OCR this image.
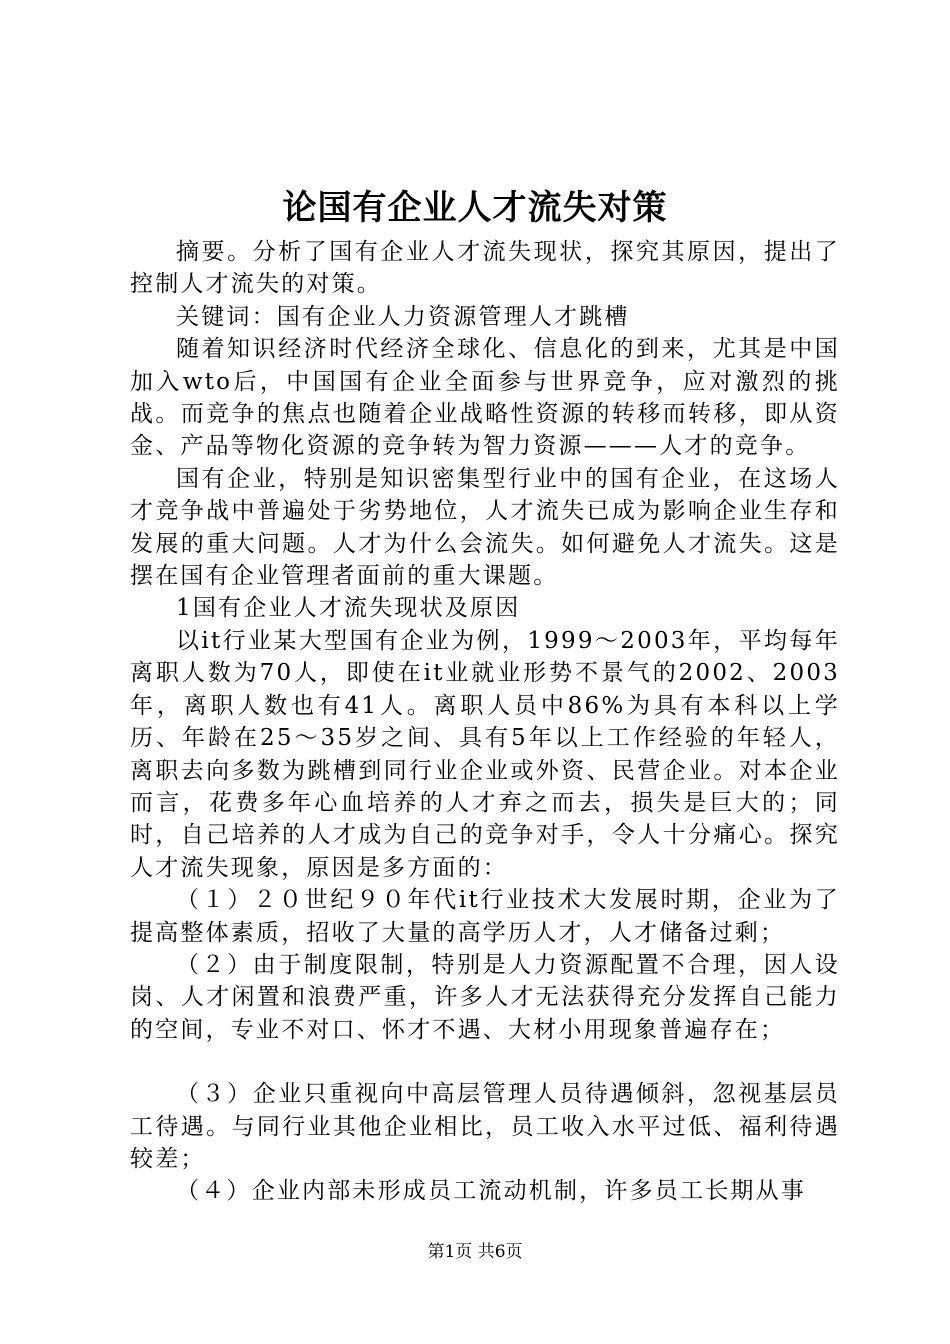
论国有企业人才流失对策

摘要。分析了国有企业人才流失现状，探究其原因，提出了控制人才流失的对策。

关键词：国有企业人力资源管理人才跳槽

随着知识经济时代经济全球化、信息化的到来，尤其是中国加入wto后，中国国有企业全面参与世界竞争，应对激烈的挑战。而竞争的焦点也随着企业战略性资源的转移而转移，即从资金、产品等物化资源的竞争转为智力资源———人才的竞争。

国有企业，特别是知识密集型行业中的国有企业，在这场人才竞争战中普遍处于劣势地位，人才流失已成为影响企业生存和发展的重大问题。人才为什么会流失。如何避免人才流失。这是摆在国有企业管理者面前的重大课题。

1国有企业人才流失现状及原因

以it行业某大型国有企业为例，1999～2003年，平均每年离职人数为70人，即使在it业就业形势不景气的2002、2003年，离职人数也有41人。离职人员中86%为具有本科以上学历、年龄在25～35岁之间、具有5年以上工作经验的年轻人，离职去向多数为跳槽到同行业企业或外资、民营企业。对本企业而言，花费多年心血培养的人才弃之而去，损失是巨大的；同时，自己培养的人才成为自己的竞争对手，令人十分痛心。探究人才流失现象，原因是多方面的：

（１）２０世纪９０年代it行业技术大发展时期，企业为了提高整体素质，招收了大量的高学历人才，人才储备过剩；

（２）由于制度限制，特别是人力资源配置不合理，因人设岗、人才闲置和浪费严重，许多人才无法获得充分发挥自己能力的空间，专业不对口、怀才不遇、大材小用现象普遍存在；

（３）企业只重视向中高层管理人员待遇倾斜，忽视基层员工待遇。与同行业其他企业相比，员工收入水平过低、福利待遇较差；

（４）企业内部未形成员工流动机制，许多员工长期从事

第1页 共6页
